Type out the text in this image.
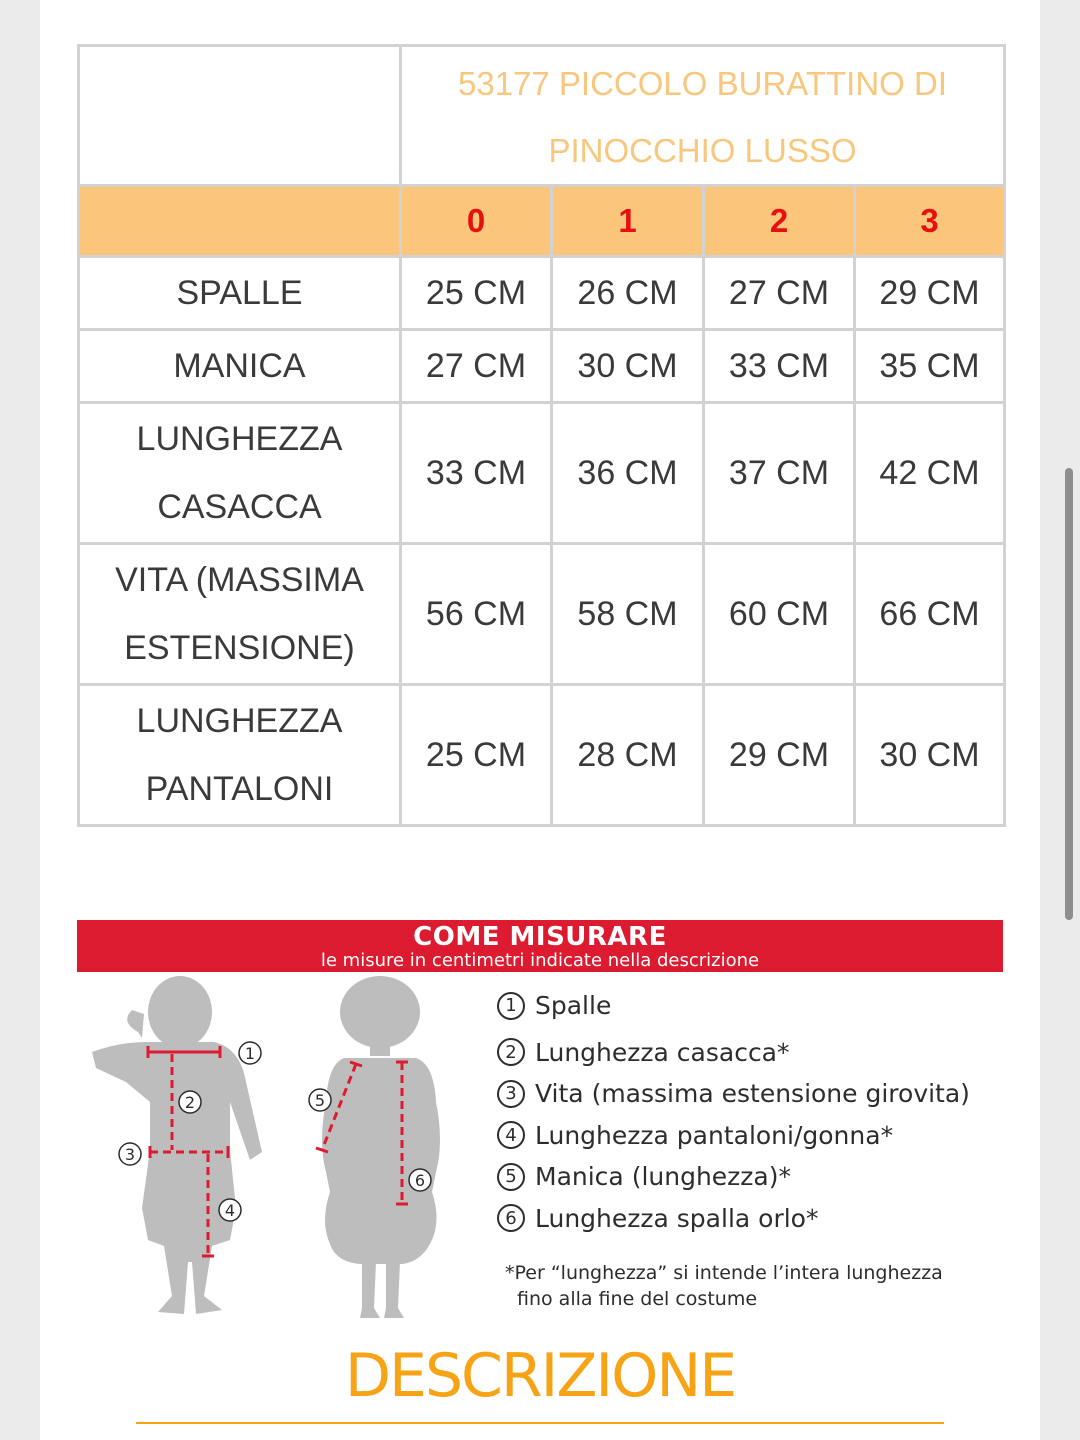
	53177 PICCOLO BURATTINO DI PINOCCHIO LUSSO			
	0	1	2	3
SPALLE	25 CM	26 CM	27 CM	29 CM
MANICA	27 CM	30 CM	33 CM	35 CM
LUNGHEZZA CASACCA	33 CM	36 CM	37 CM	42 CM
VITA (MASSIMA ESTENSIONE)	56 CM	58 CM	60 CM	66 CM
LUNGHEZZA PANTALONI	25 CM	28 CM	29 CM	30 CM
COME MISURARE
le misure in centimetri indicate nella descrizione
1
2
3
4
5
6
1 Spalle
2 Lunghezza casacca*
3 Vita (massima estensione girovita)
4 Lunghezza pantaloni/gonna*
5 Manica (lunghezza)*
6 Lunghezza spalla orlo*
*Per “lunghezza” si intende l’intera lunghezza
fino alla fine del costume
DESCRIZIONE
